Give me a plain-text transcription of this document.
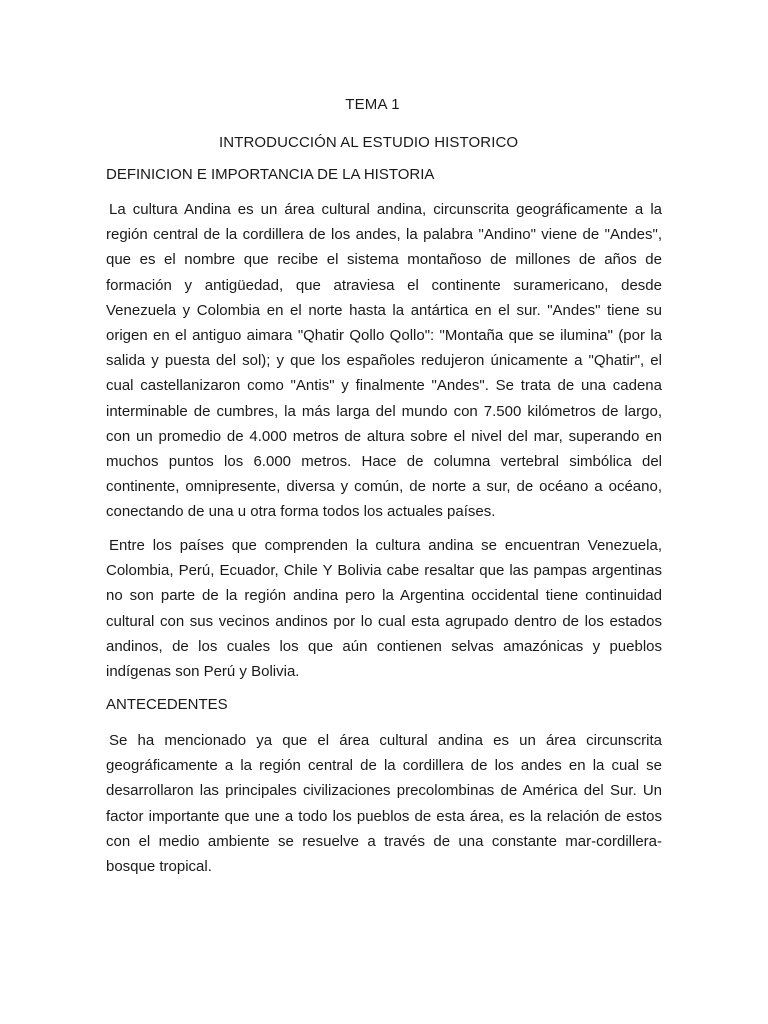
TEMA 1
INTRODUCCIÓN AL ESTUDIO HISTORICO
DEFINICION E IMPORTANCIA DE LA HISTORIA

La cultura Andina es un área cultural andina, circunscrita geográficamente a la región central de la cordillera de los andes, la palabra "Andino" viene de "Andes", que es el nombre que recibe el sistema montañoso de millones de años de formación y antigüedad, que atraviesa el continente suramericano, desde Venezuela y Colombia en el norte hasta la antártica en el sur. "Andes" tiene su origen en el antiguo aimara "Qhatir Qollo Qollo": "Montaña que se ilumina" (por la salida y puesta del sol); y que los españoles redujeron únicamente a "Qhatir", el cual castellanizaron como "Antis" y finalmente "Andes". Se trata de una cadena interminable de cumbres, la más larga del mundo con 7.500 kilómetros de largo, con un promedio de 4.000 metros de altura sobre el nivel del mar, superando en muchos puntos los 6.000 metros. Hace de columna vertebral simbólica del continente, omnipresente, diversa y común, de norte a sur, de océano a océano, conectando de una u otra forma todos los actuales países.

Entre los países que comprenden la cultura andina se encuentran Venezuela, Colombia, Perú, Ecuador, Chile Y Bolivia cabe resaltar que las pampas argentinas no son parte de la región andina pero la Argentina occidental tiene continuidad cultural con sus vecinos andinos por lo cual esta agrupado dentro de los estados andinos, de los cuales los que aún contienen selvas amazónicas y pueblos indígenas son Perú y Bolivia.

ANTECEDENTES

Se ha mencionado ya que el área cultural andina es un área circunscrita geográficamente a la región central de la cordillera de los andes en la cual se desarrollaron las principales civilizaciones precolombinas de América del Sur. Un factor importante que une a todo los pueblos de esta área, es la relación de estos con el medio ambiente se resuelve a través de una constante mar-cordillera-bosque tropical.
